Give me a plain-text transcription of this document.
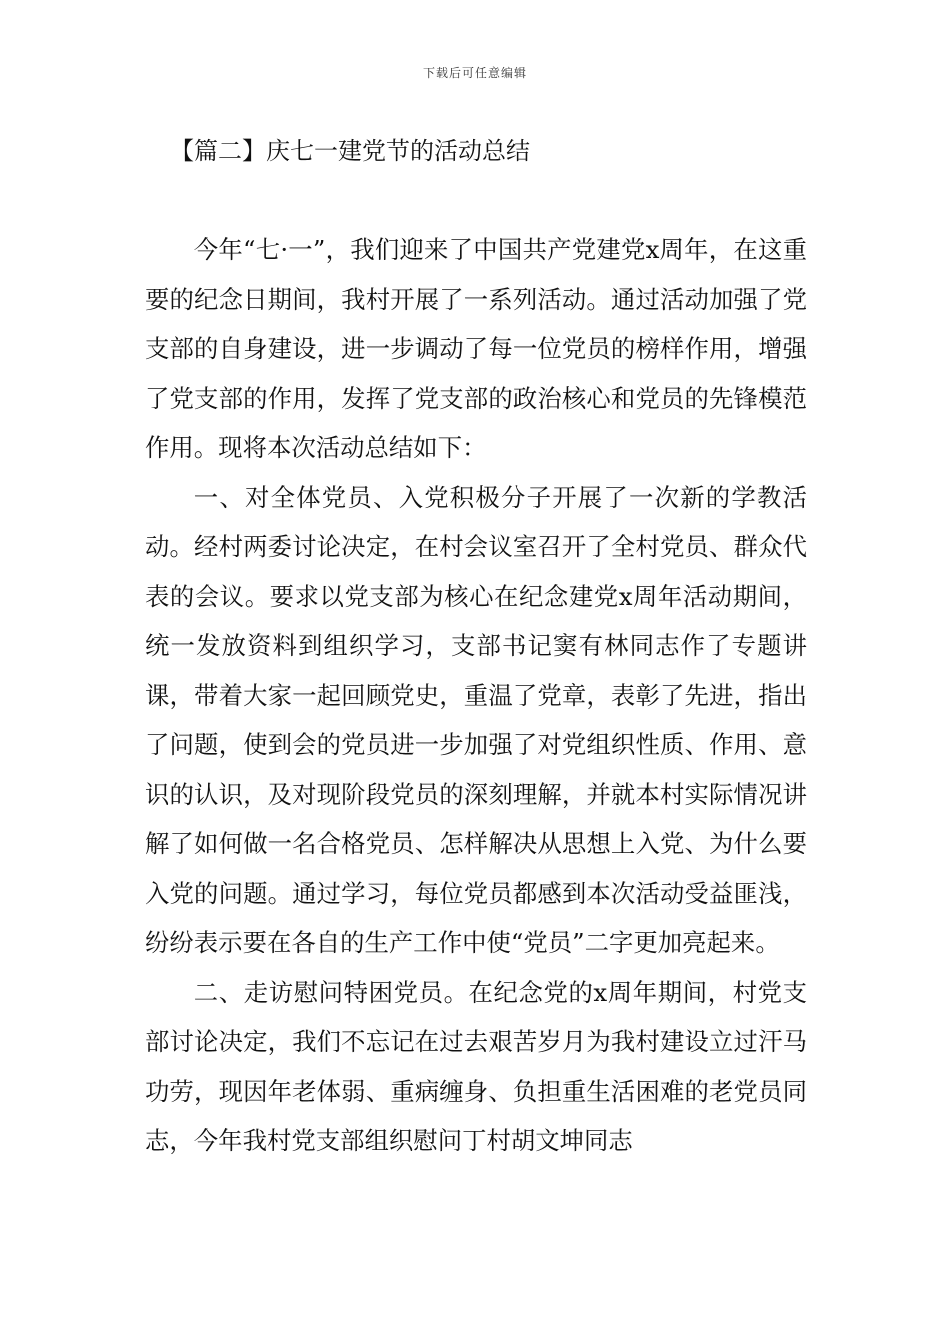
下载后可任意编辑
【篇二】庆七一建党节的活动总结

今年“七·一”，我们迎来了中国共产党建党x周年，在这重要的纪念日期间，我村开展了一系列活动。通过活动加强了党支部的自身建设，进一步调动了每一位党员的榜样作用，增强了党支部的作用，发挥了党支部的政治核心和党员的先锋模范作用。现将本次活动总结如下：

一、对全体党员、入党积极分子开展了一次新的学教活动。经村两委讨论决定，在村会议室召开了全村党员、群众代表的会议。要求以党支部为核心在纪念建党x周年活动期间，统一发放资料到组织学习，支部书记窦有林同志作了专题讲课，带着大家一起回顾党史，重温了党章，表彰了先进，指出了问题，使到会的党员进一步加强了对党组织性质、作用、意识的认识，及对现阶段党员的深刻理解，并就本村实际情况讲解了如何做一名合格党员、怎样解决从思想上入党、为什么要入党的问题。通过学习，每位党员都感到本次活动受益匪浅，纷纷表示要在各自的生产工作中使“党员”二字更加亮起来。

二、走访慰问特困党员。在纪念党的x周年期间，村党支部讨论决定，我们不忘记在过去艰苦岁月为我村建设立过汗马功劳，现因年老体弱、重病缠身、负担重生活困难的老党员同志，今年我村党支部组织慰问丁村胡文坤同志
